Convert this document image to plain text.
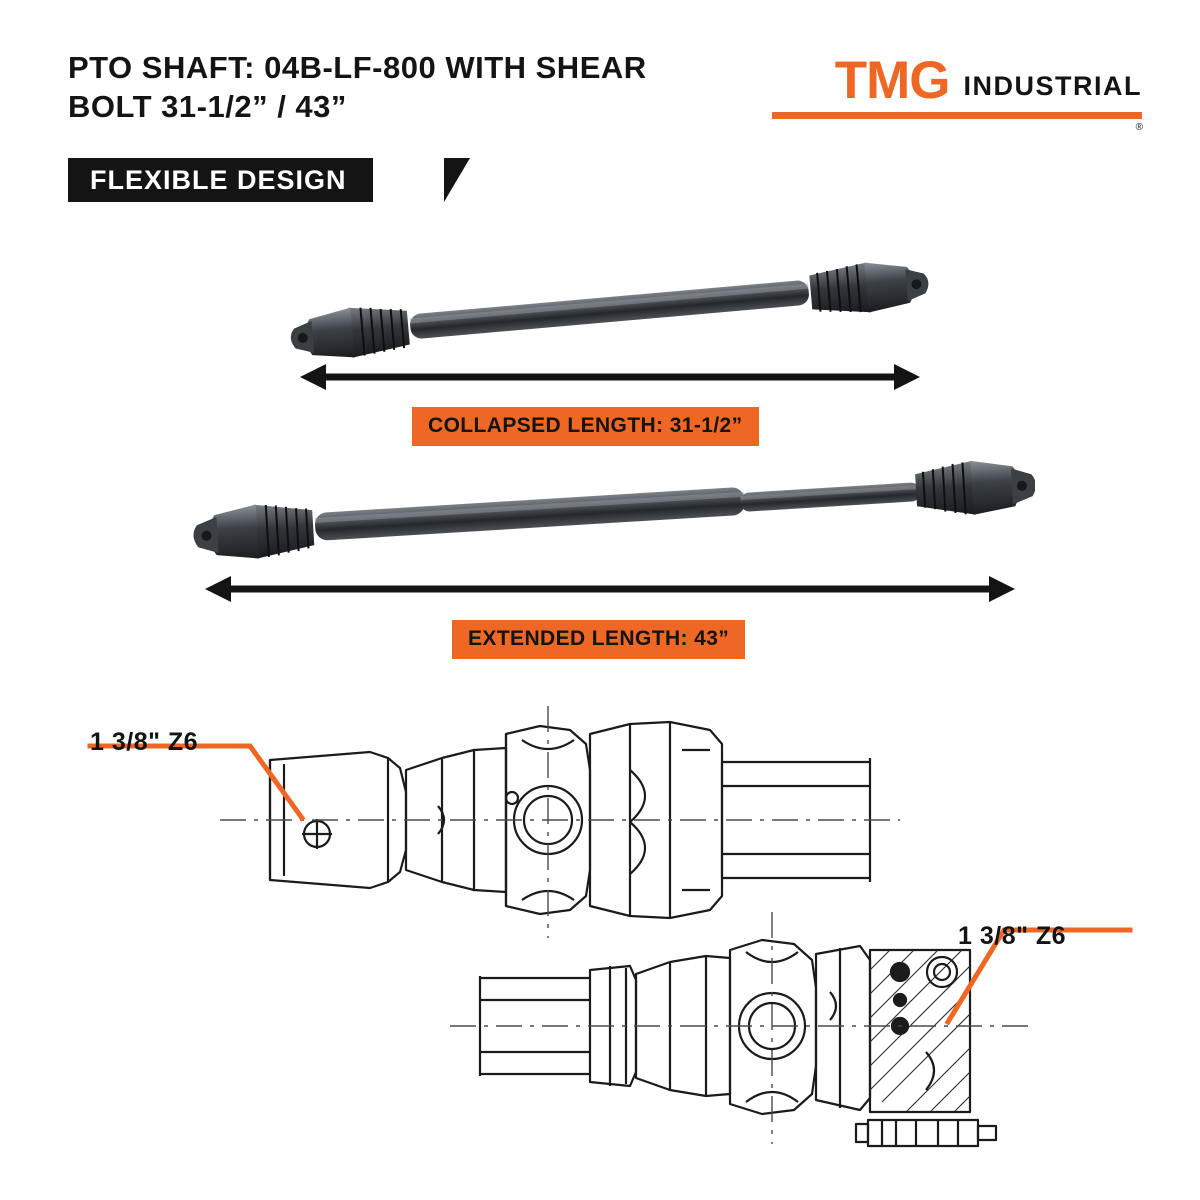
PTO SHAFT: 04B-LF-800 WITH SHEAR BOLT 31-1/2” / 43”	TMG INDUSTRIAL
®
FLEXIBLE DESIGN
COLLAPSED LENGTH: 31-1/2”
EXTENDED LENGTH: 43”
1 3/8" Z6
1 3/8" Z6
